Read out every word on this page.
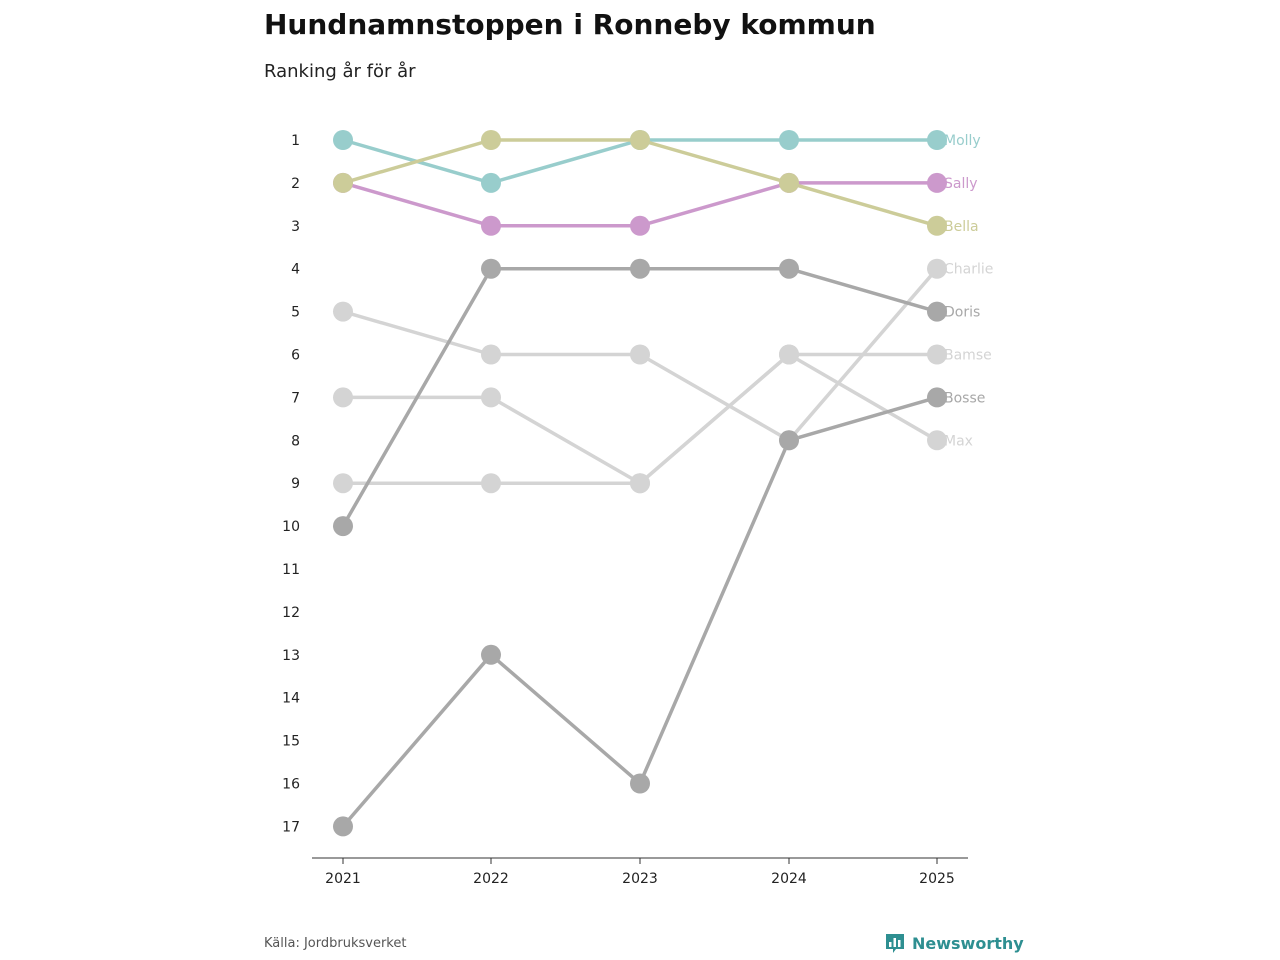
Hundnamnstoppen i Ronneby kommun

Ranking år för år

1
2
3
4
5
6
7
8
9
10
11
12
13
14
15
16
17
2021	2022	2023	2024	2025
Charlie
Bamse
Max
Doris
Bosse
Molly
Sally
Bella
Källa: Jordbruksverket	Newsworthy
